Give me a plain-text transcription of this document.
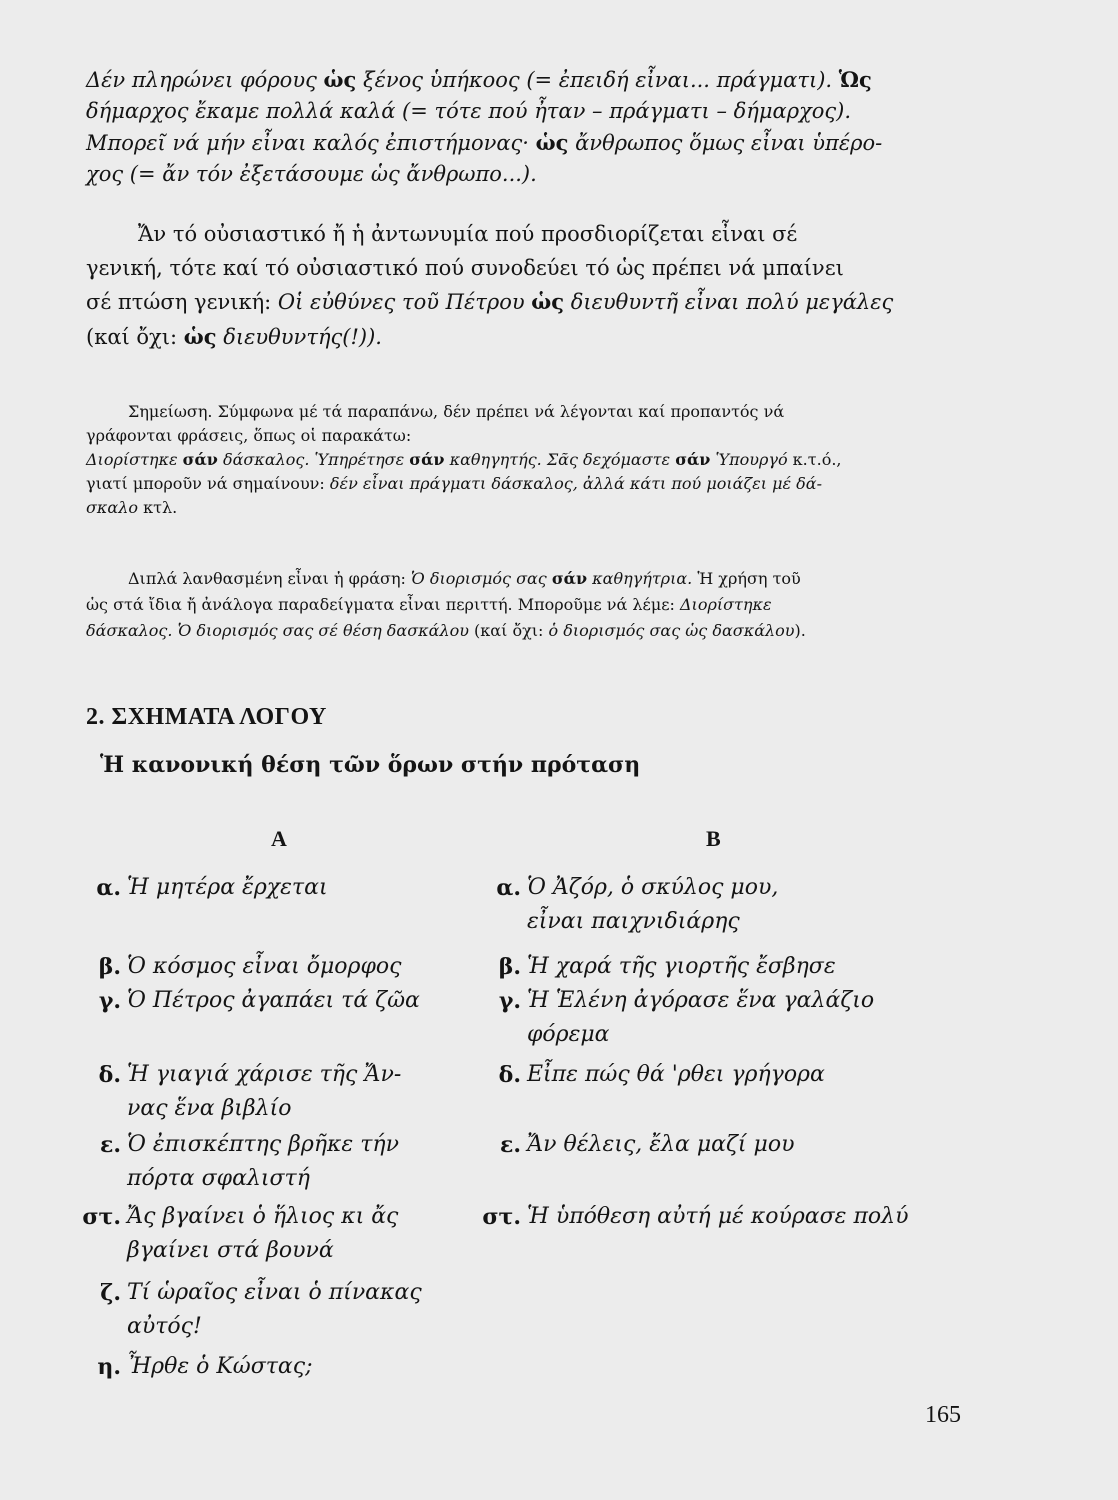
Δέν πληρώνει φόρους ὡς ξένος ὑπήκοος (= ἐπειδή εἶναι... πράγματι). Ὡς

δήμαρχος ἔκαμε πολλά καλά (= τότε πού ἦταν – πράγματι – δήμαρχος).

Μπορεῖ νά μήν εἶναι καλός ἐπιστήμονας· ὡς ἄνθρωπος ὅμως εἶναι ὑπέρο-

χος (= ἄν τόν ἐξετάσουμε ὡς ἄνθρωπο...).

Ἄν τό οὐσιαστικό ἤ ἡ ἀντωνυμία πού προσδιορίζεται εἶναι σέ

γενική, τότε καί τό οὐσιαστικό πού συνοδεύει τό ὡς πρέπει νά μπαίνει

σέ πτώση γενική: Οἱ εὐθύνες τοῦ Πέτρου ὡς διευθυντῆ εἶναι πολύ μεγάλες

(καί ὄχι: ὡς διευθυντής(!)).

Σημείωση. Σύμφωνα μέ τά παραπάνω, δέν πρέπει νά λέγονται καί προπαντός νά

γράφονται φράσεις, ὅπως οἱ παρακάτω:

Διορίστηκε σάν δάσκαλος. Ὑπηρέτησε σάν καθηγητής. Σᾶς δεχόμαστε σάν Ὑπουργό κ.τ.ό.,

γιατί μποροῦν νά σημαίνουν: δέν εἶναι πράγματι δάσκαλος, ἀλλά κάτι πού μοιάζει μέ δά-

σκαλο κτλ.

Διπλά λανθασμένη εἶναι ἡ φράση: Ὁ διορισμός σας σάν καθηγήτρια. Ἡ χρήση τοῦ

ὡς στά ἴδια ἤ ἀνάλογα παραδείγματα εἶναι περιττή. Μποροῦμε νά λέμε: Διορίστηκε

δάσκαλος. Ὁ διορισμός σας σέ θέση δασκάλου (καί ὄχι: ὁ διορισμός σας ὡς δασκάλου).

2. ΣΧΗΜΑΤΑ ΛΟΓΟΥ
Ἡ κανονική θέση τῶν ὅρων στήν πρόταση
Α	Β
α. Ἡ μητέρα ἔρχεται
β. Ὁ κόσμος εἶναι ὄμορφος
γ. Ὁ Πέτρος ἀγαπάει τά ζῶα
δ. Ἡ γιαγιά χάρισε τῆς Ἄν-
νας ἕνα βιβλίο
ε. Ὁ ἐπισκέπτης βρῆκε τήν
πόρτα σφαλιστή
στ. Ἄς βγαίνει ὁ ἥλιος κι ἄς
βγαίνει στά βουνά
ζ. Τί ὡραῖος εἶναι ὁ πίνακας
αὐτός!
η. Ἦρθε ὁ Κώστας;
α. Ὁ Ἀζόρ, ὁ σκύλος μου,
εἶναι παιχνιδιάρης
β. Ἡ χαρά τῆς γιορτῆς ἔσβησε
γ. Ἡ Ἑλένη ἀγόρασε ἕνα γαλάζιο
φόρεμα
δ. Εἶπε πώς θά 'ρθει γρήγορα
ε. Ἄν θέλεις, ἔλα μαζί μου
στ. Ἡ ὑπόθεση αὐτή μέ κούρασε πολύ
165
